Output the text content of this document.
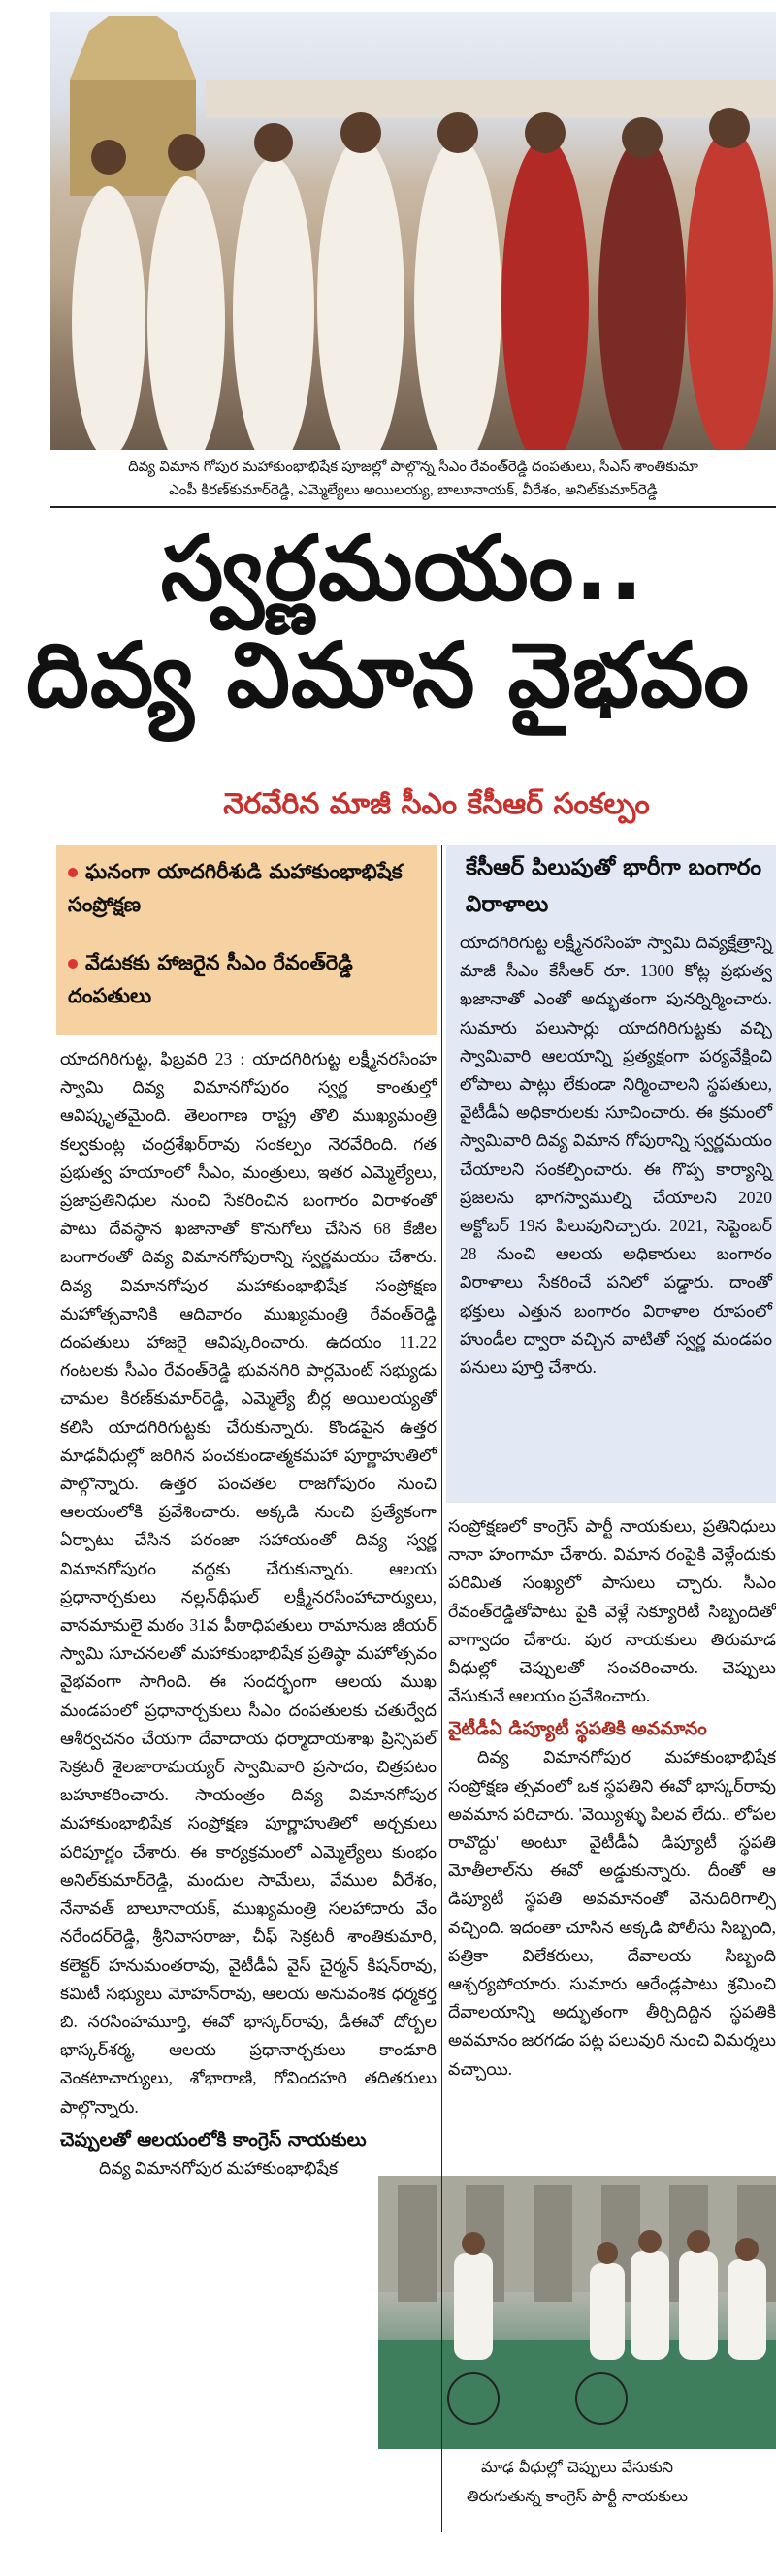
దివ్య విమాన గోపుర మహాకుంభాభిషేక పూజల్లో పాల్గొన్న సీఎం రేవంత్‌రెడ్డి దంపతులు, సీఎస్ శాంతికుమా
ఎంపీ కిరణ్‌కుమార్‌రెడ్డి, ఎమ్మెల్యేలు అయిలయ్య, బాలూనాయక్, వీరేశం, అనిల్‌కుమార్‌రెడ్డి
స్వర్ణమయం..
దివ్య విమాన వైభవం
నెరవేరిన మాజీ సీఎం కేసీఆర్ సంకల్పం
ఘనంగా యాదగిరీశుడి మహాకుంభాభిషేక సంప్రోక్షణ
వేడుకకు హాజరైన సీఎం రేవంత్‌రెడ్డి దంపతులు
కేసీఆర్ పిలుపుతో భారీగా బంగారం విరాళాలు
యాదగిరిగుట్ట లక్ష్మీనరసింహ స్వామి దివ్యక్షేత్రాన్ని మాజీ సీఎం కేసీఆర్ రూ. 1300 కోట్ల ప్రభుత్వ ఖజానాతో ఎంతో అద్భుతంగా పునర్నిర్మించారు. సుమారు పలుసార్లు యాదగిరిగుట్టకు వచ్చి స్వామివారి ఆలయాన్ని ప్రత్యక్షంగా పర్యవేక్షించి లోపాలు పాట్లు లేకుండా నిర్మించాలని స్థపతులు, వైటీడీఏ అధికారులకు సూచించారు. ఈ క్రమంలో స్వామివారి దివ్య విమాన గోపురాన్ని స్వర్ణమయం చేయాలని సంకల్పించారు. ఈ గొప్ప కార్యాన్ని ప్రజలను భాగస్వాముల్ని చేయాలని 2020 అక్టోబర్ 19న పిలుపునిచ్చారు. 2021, సెప్టెంబర్ 28 నుంచి ఆలయ అధికారులు బంగారం విరాళాలు సేకరించే పనిలో పడ్డారు. దాంతో భక్తులు ఎత్తున బంగారం విరాళాల రూపంలో హుండీల ద్వారా వచ్చిన వాటితో స్వర్ణ మండపం పనులు పూర్తి చేశారు.
యాదగిరిగుట్ట, ఫిబ్రవరి 23 : యాదగిరిగుట్ట లక్ష్మీనరసింహ స్వామి దివ్య విమానగోపురం స్వర్ణ కాంతుల్తో ఆవిష్కృతమైంది. తెలంగాణ రాష్ట్ర తొలి ముఖ్యమంత్రి కల్వకుంట్ల చంద్రశేఖర్‌రావు సంకల్పం నెరవేరింది. గత ప్రభుత్వ హయాంలో సీఎం, మంత్రులు, ఇతర ఎమ్మెల్యేలు, ప్రజాప్రతినిధుల నుంచి సేకరించిన బంగారం విరాళంతో పాటు దేవస్థాన ఖజానాతో కొనుగోలు చేసిన 68 కేజీల బంగారంతో దివ్య విమానగోపురాన్ని స్వర్ణమయం చేశారు. దివ్య విమానగోపుర మహాకుంభాభిషేక సంప్రోక్షణ మహోత్సవానికి ఆదివారం ముఖ్యమంత్రి రేవంత్‌రెడ్డి దంపతులు హాజరై ఆవిష్కరించారు. ఉదయం 11.22 గంటలకు సీఎం రేవంత్‌రెడ్డి భువనగిరి పార్లమెంట్ సభ్యుడు చామల కిరణ్‌కుమార్‌రెడ్డి, ఎమ్మెల్యే బీర్ల అయిలయ్యతో కలిసి యాదగిరిగుట్టకు చేరుకున్నారు. కొండపైన ఉత్తర మాఢవీధుల్లో జరిగిన పంచకుండాత్మకమహా పూర్ణాహుతిలో పాల్గొన్నారు. ఉత్తర పంచతల రాజగోపురం నుంచి ఆలయంలోకి ప్రవేశించారు. అక్కడి నుంచి ప్రత్యేకంగా ఏర్పాటు చేసిన పరంజా సహాయంతో దివ్య స్వర్ణ విమానగోపురం వద్దకు చేరుకున్నారు. ఆలయ ప్రధానార్చకులు నల్లన్‌థీఘల్ లక్ష్మీనరసింహాచార్యులు, వానమామలై మఠం 31వ పీఠాధిపతులు రామానుజ జీయర్ స్వామి సూచనలతో మహాకుంభాభిషేక ప్రతిష్ఠా మహోత్సవం వైభవంగా సాగింది. ఈ సందర్భంగా ఆలయ ముఖ మండపంలో ప్రధానార్చకులు సీఎం దంపతులకు చతుర్వేద ఆశీర్వచనం చేయగా దేవాదాయ ధర్మాదాయశాఖ ప్రిన్సిపల్ సెక్రటరీ శైలజారామయ్యర్ స్వామివారి ప్రసాదం, చిత్రపటం బహూకరించారు. సాయంత్రం దివ్య విమానగోపుర మహాకుంభాభిషేక సంప్రోక్షణ పూర్ణాహుతిలో అర్చకులు పరిపూర్ణం చేశారు. ఈ కార్యక్రమంలో ఎమ్మెల్యేలు కుంభం అనిల్‌కుమార్‌రెడ్డి, మందుల సామేలు, వేముల వీరేశం, నేనావత్ బాలూనాయక్, ముఖ్యమంత్రి సలహాదారు వేం నరేందర్‌రెడ్డి, శ్రీనివాసరాజు, చీఫ్ సెక్రటరీ శాంతికుమారి, కలెక్టర్ హనుమంతరావు, వైటీడీఏ వైస్ చైర్మన్ కిషన్‌రావు, కమిటీ సభ్యులు మోహన్‌రావు, ఆలయ అనువంశిక ధర్మకర్త బి. నరసింహమూర్తి, ఈవో భాస్కర్‌రావు, డీఈవో దోర్బల భాస్కర్‌శర్మ, ఆలయ ప్రధానార్చకులు కాండూరి వెంకటాచార్యులు, శోభారాణి, గోవిందహరి తదితరులు పాల్గొన్నారు.
చెప్పులతో ఆలయంలోకి కాంగ్రెస్ నాయకులు
దివ్య విమానగోపుర మహాకుంభాభిషేక
సంప్రోక్షణలో కాంగ్రెస్ పార్టీ నాయకులు, ప్రతినిధులు నానా హంగామా చేశారు. విమాన రంపైకి వెళ్లేందుకు పరిమిత సంఖ్యలో పాసులు చ్చారు. సీఎం రేవంత్‌రెడ్డితోపాటు పైకి వెళ్లే సెక్యూరిటీ సిబ్బందితో వాగ్వాదం చేశారు. పుర నాయకులు తిరుమాడ వీధుల్లో చెప్పులతో సంచరించారు. చెప్పులు వేసుకునే ఆలయం ప్రవేశించారు.
వైటీడీఏ డిప్యూటీ స్థపతికి అవమానం
దివ్య విమానగోపుర మహాకుంభాభిషేక సంప్రోక్షణ త్సవంలో ఒక స్థపతిని ఈవో భాస్కర్‌రావు అవమాన పరిచారు. 'వెయ్యిళ్ళు పిలవ లేదు.. లోపల రావొద్దు' అంటూ వైటీడీఏ డిప్యూటీ స్థపతి మోతీలాల్‌ను ఈవో అడ్డుకున్నారు. దీంతో ఆ డిప్యూటీ స్థపతి అవమానంతో వెనుదిరిగాల్సి వచ్చింది. ఇదంతా చూసిన అక్కడి పోలీసు సిబ్బంది, పత్రికా విలేకరులు, దేవాలయ సిబ్బంది ఆశ్చర్యపోయారు. సుమారు ఆరేండ్లపాటు శ్రమించి దేవాలయాన్ని అద్భుతంగా తీర్చిదిద్దిన స్థపతికి అవమానం జరగడం పట్ల పలువురి నుంచి విమర్శలు వచ్చాయి.
మాఢ వీధుల్లో చెప్పులు వేసుకుని
తిరుగుతున్న కాంగ్రెస్ పార్టీ నాయకులు
